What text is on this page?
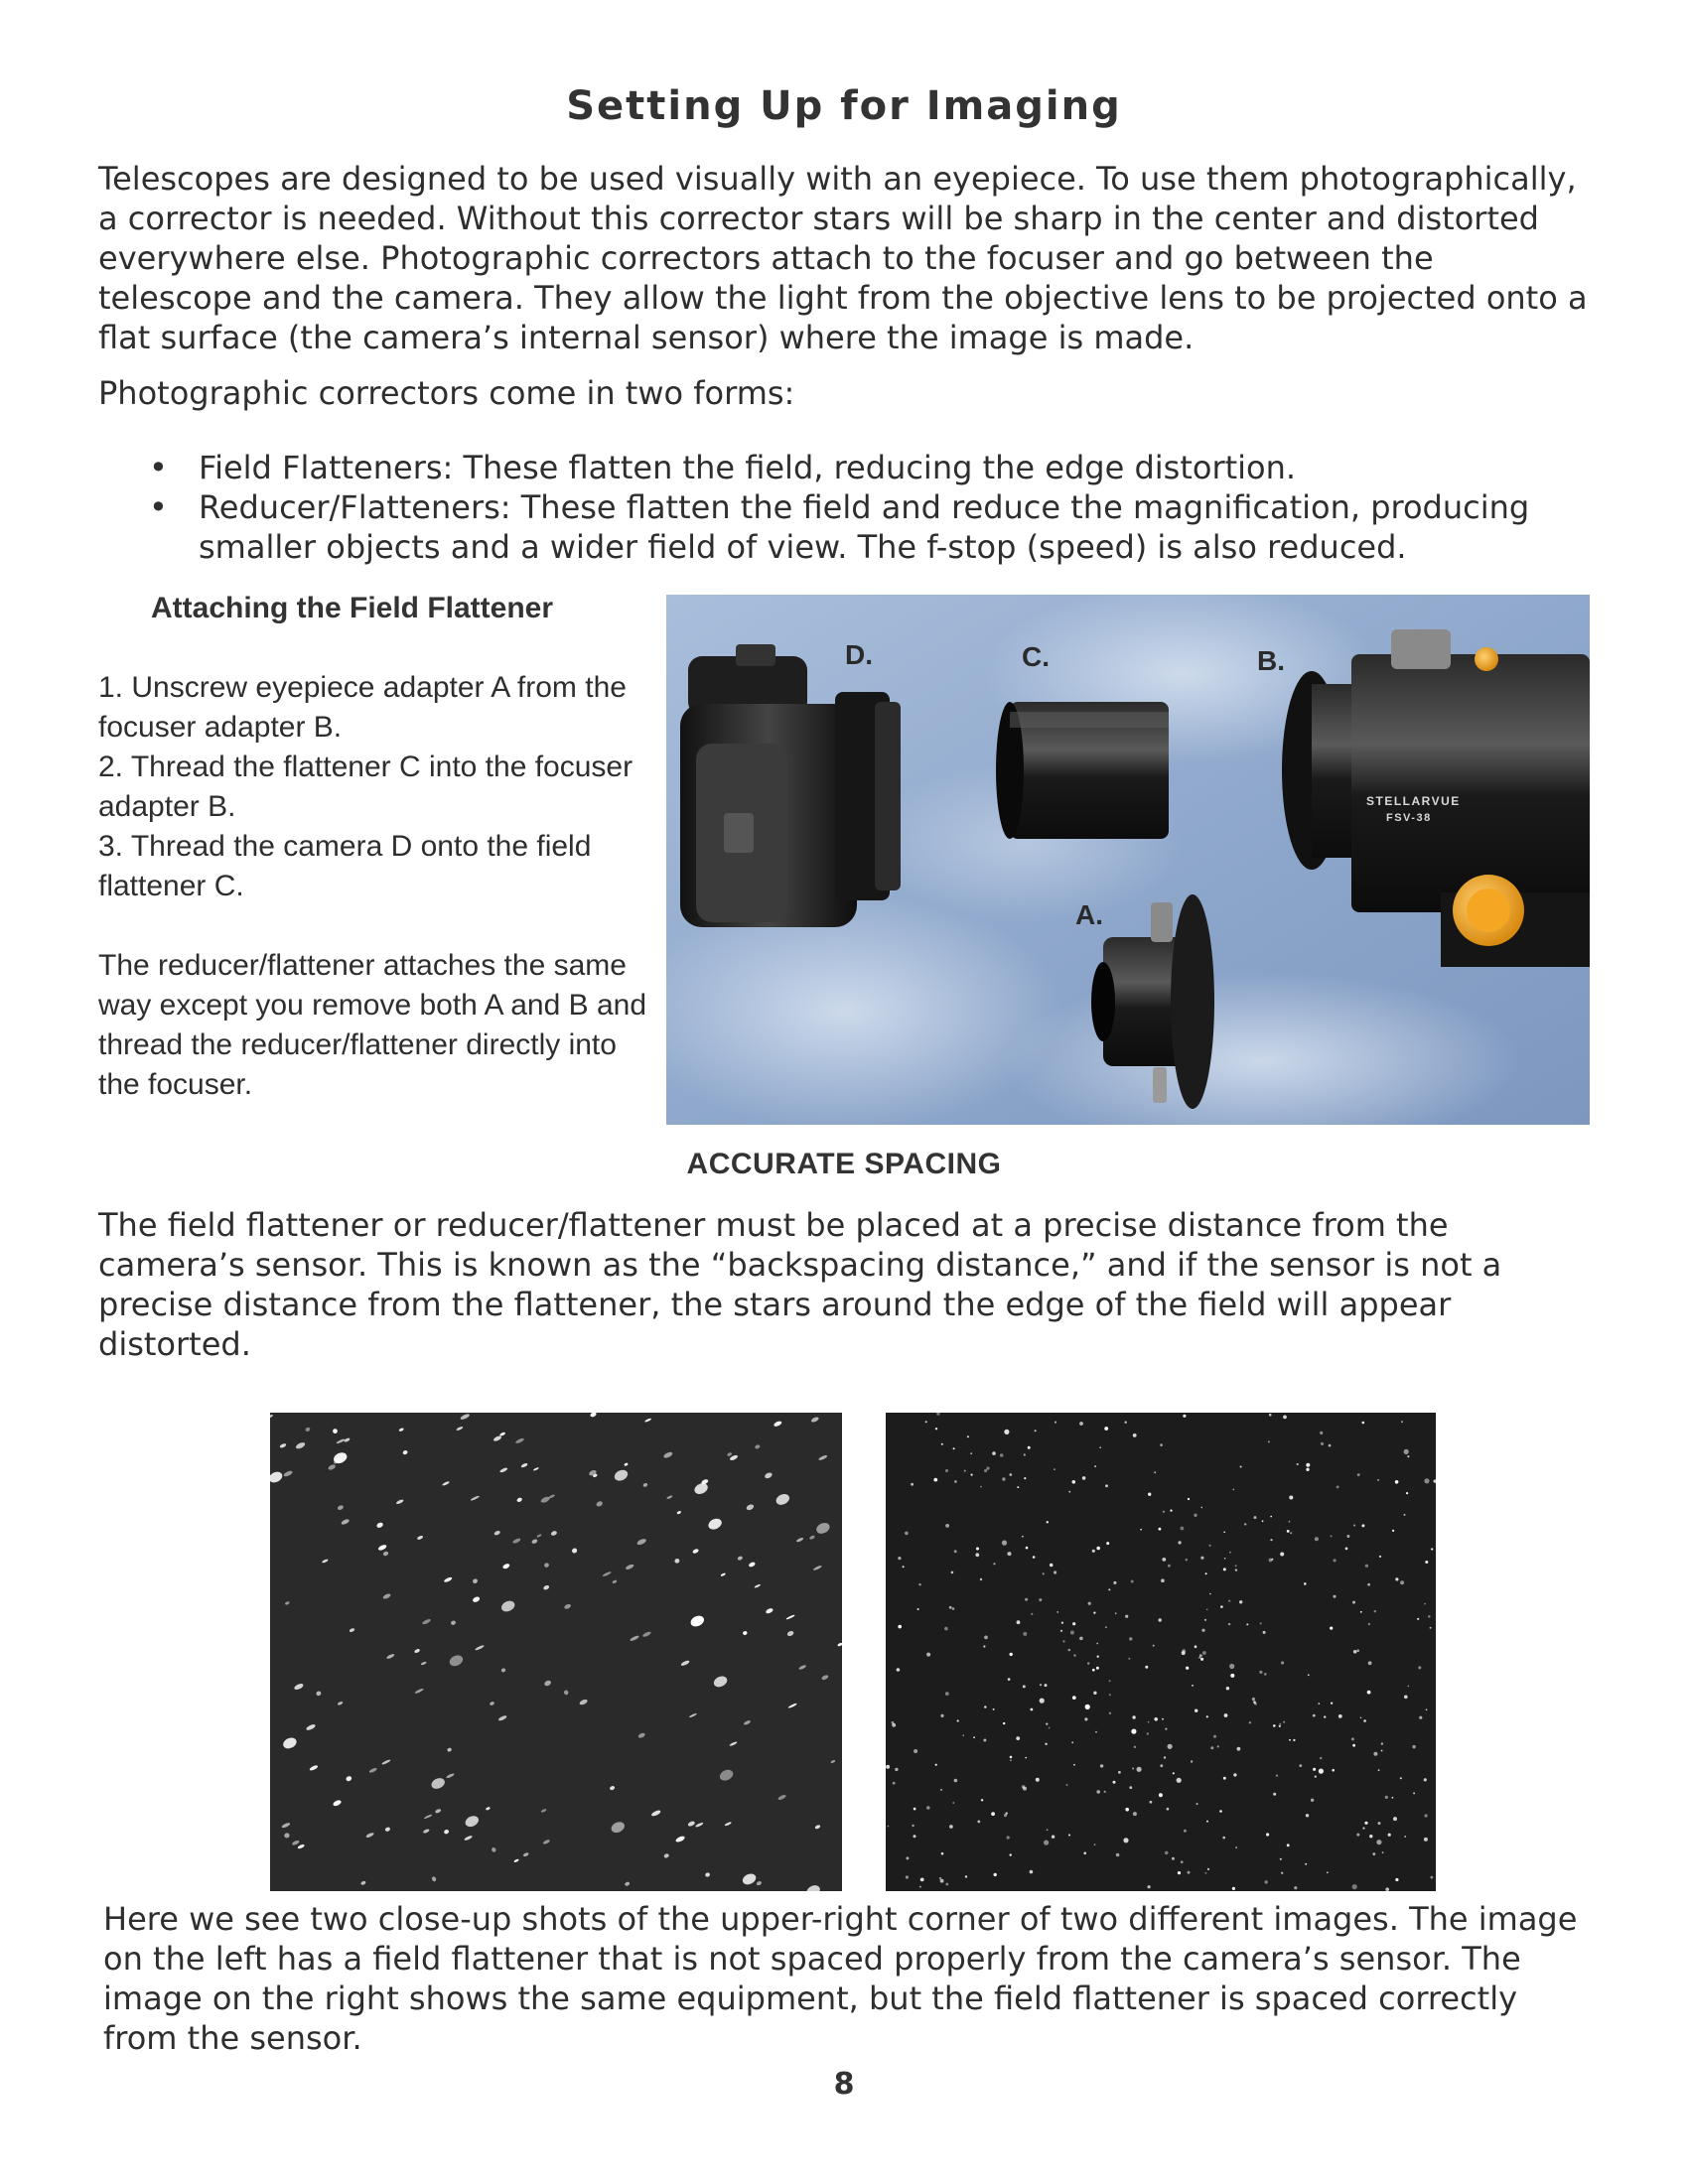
Setting Up for Imaging

Telescopes are designed to be used visually with an eyepiece. To use them photographically, a corrector is needed. Without this corrector stars will be sharp in the center and distorted everywhere else. Photographic correctors attach to the focuser and go between the telescope and the camera. They allow the light from the objective lens to be projected onto a flat surface (the camera’s internal sensor) where the image is made.

Photographic correctors come in two forms:

• Field Flatteners: These flatten the field, reducing the edge distortion.
• Reducer/Flatteners: These flatten the field and reduce the magnification, producing smaller objects and a wider field of view. The f-stop (speed) is also reduced.
Attaching the Field Flattener

1. Unscrew eyepiece adapter A from the focuser adapter B.

2. Thread the flattener C into the focuser adapter B.

3. Thread the camera D onto the field flattener C.

The reducer/flattener attaches the same way except you remove both A and B and thread the reducer/flattener directly into the focuser.

STELLARVUE
FSV-38
D.	C.	B.
A.
ACCURATE SPACING

The field flattener or reducer/flattener must be placed at a precise distance from the camera’s sensor. This is known as the “backspacing distance,” and if the sensor is not a precise distance from the flattener, the stars around the edge of the field will appear distorted.

Here we see two close-up shots of the upper-right corner of two different images. The image on the left has a field flattener that is not spaced properly from the camera’s sensor. The image on the right shows the same equipment, but the field flattener is spaced correctly from the sensor.

8
